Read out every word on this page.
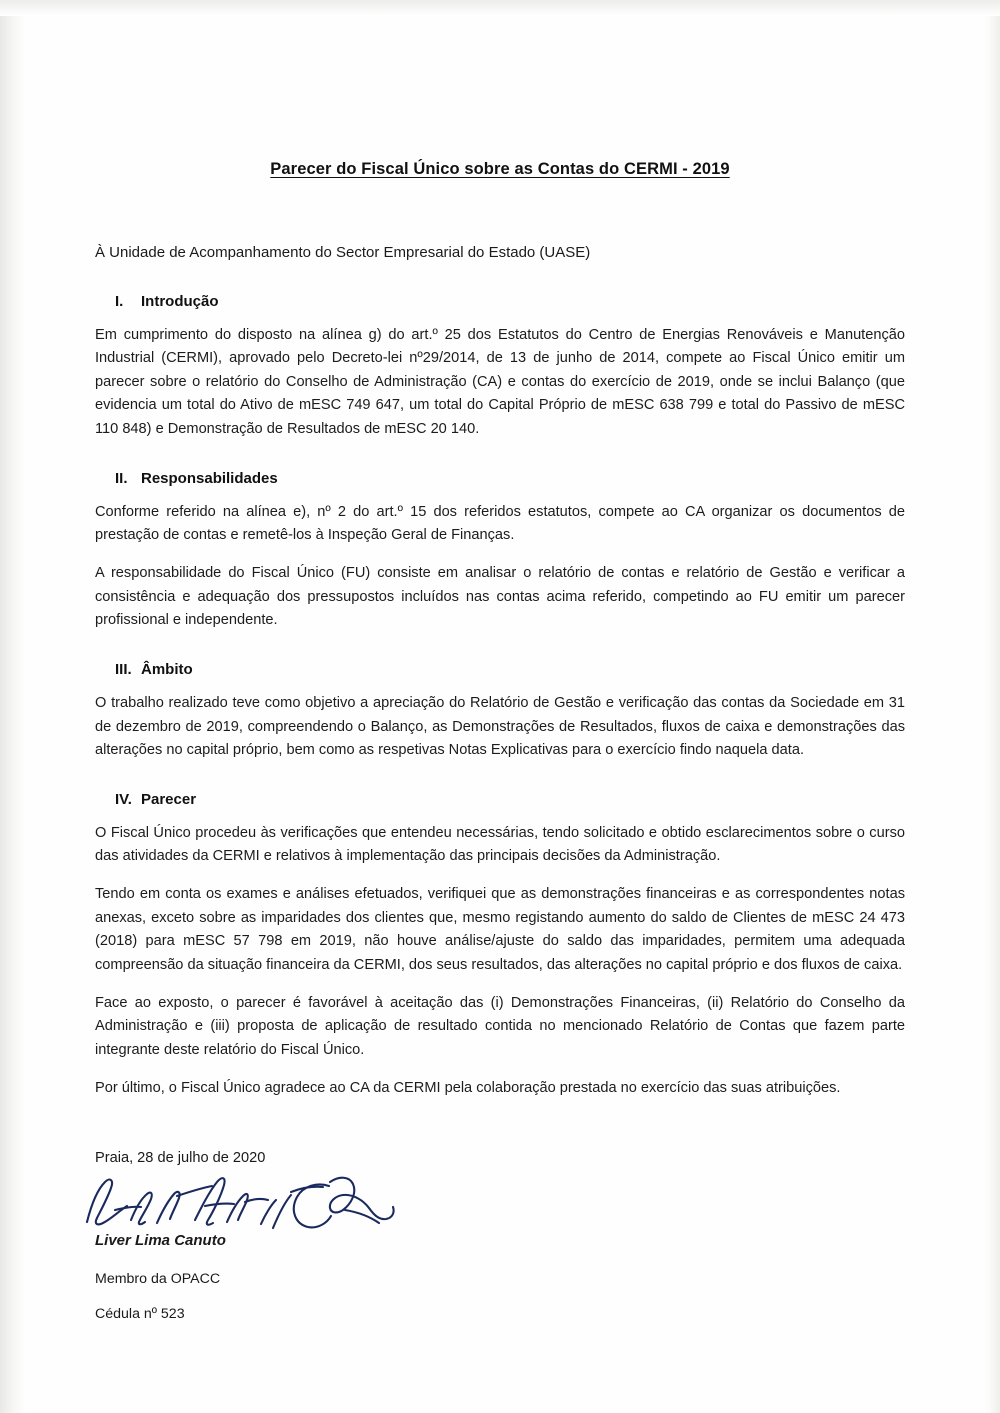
Parecer do Fiscal Único sobre as Contas do CERMI - 2019
À Unidade de Acompanhamento do Sector Empresarial do Estado (UASE)
I. Introdução

Em cumprimento do disposto na alínea g) do art.º 25 dos Estatutos do Centro de Energias Renováveis e Manutenção Industrial (CERMI), aprovado pelo Decreto-lei nº29/2014, de 13 de junho de 2014, compete ao Fiscal Único emitir um parecer sobre o relatório do Conselho de Administração (CA) e contas do exercício de 2019, onde se inclui Balanço (que evidencia um total do Ativo de mESC 749 647, um total do Capital Próprio de mESC 638 799 e total do Passivo de mESC 110 848) e Demonstração de Resultados de mESC 20 140.

II. Responsabilidades

Conforme referido na alínea e), nº 2 do art.º 15 dos referidos estatutos, compete ao CA organizar os documentos de prestação de contas e remetê-los à Inspeção Geral de Finanças.

A responsabilidade do Fiscal Único (FU) consiste em analisar o relatório de contas e relatório de Gestão e verificar a consistência e adequação dos pressupostos incluídos nas contas acima referido, competindo ao FU emitir um parecer profissional e independente.

III. Âmbito

O trabalho realizado teve como objetivo a apreciação do Relatório de Gestão e verificação das contas da Sociedade em 31 de dezembro de 2019, compreendendo o Balanço, as Demonstrações de Resultados, fluxos de caixa e demonstrações das alterações no capital próprio, bem como as respetivas Notas Explicativas para o exercício findo naquela data.

IV. Parecer

O Fiscal Único procedeu às verificações que entendeu necessárias, tendo solicitado e obtido esclarecimentos sobre o curso das atividades da CERMI e relativos à implementação das principais decisões da Administração.

Tendo em conta os exames e análises efetuados, verifiquei que as demonstrações financeiras e as correspondentes notas anexas, exceto sobre as imparidades dos clientes que, mesmo registando aumento do saldo de Clientes de mESC 24 473 (2018) para mESC 57 798 em 2019, não houve análise/ajuste do saldo das imparidades, permitem uma adequada compreensão da situação financeira da CERMI, dos seus resultados, das alterações no capital próprio e dos fluxos de caixa.

Face ao exposto, o parecer é favorável à aceitação das (i) Demonstrações Financeiras, (ii) Relatório do Conselho da Administração e (iii) proposta de aplicação de resultado contida no mencionado Relatório de Contas que fazem parte integrante deste relatório do Fiscal Único.

Por último, o Fiscal Único agradece ao CA da CERMI pela colaboração prestada no exercício das suas atribuições.

Praia, 28 de julho de 2020
Liver Lima Canuto
Membro da OPACC
Cédula nº 523
